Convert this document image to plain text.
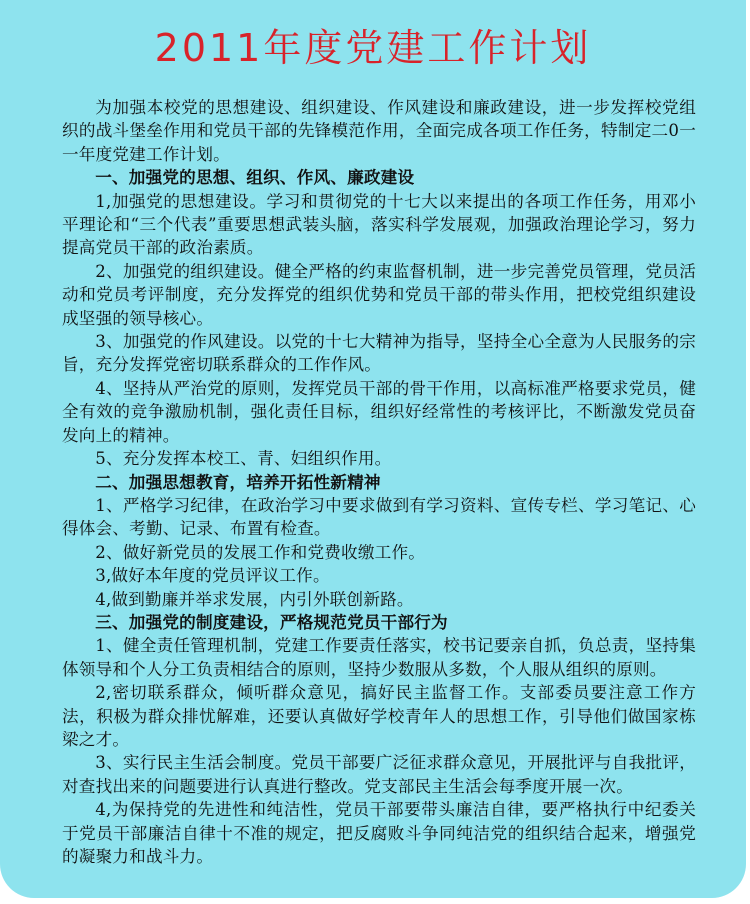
2011年度党建工作计划

为加强本校党的思想建设、组织建设、作风建设和廉政建设，进一步发挥校党组织的战斗堡垒作用和党员干部的先锋模范作用，全面完成各项工作任务，特制定二0一一年度党建工作计划。

一、加强党的思想、组织、作风、廉政建设

1,加强党的思想建设。学习和贯彻党的十七大以来提出的各项工作任务，用邓小平理论和“三个代表”重要思想武装头脑，落实科学发展观，加强政治理论学习，努力提高党员干部的政治素质。

2、加强党的组织建设。健全严格的约束监督机制，进一步完善党员管理，党员活动和党员考评制度，充分发挥党的组织优势和党员干部的带头作用，把校党组织建设成坚强的领导核心。

3、加强党的作风建设。以党的十七大精神为指导，坚持全心全意为人民服务的宗旨，充分发挥党密切联系群众的工作作风。

4、坚持从严治党的原则，发挥党员干部的骨干作用，以高标准严格要求党员，健全有效的竞争激励机制，强化责任目标，组织好经常性的考核评比，不断激发党员奋发向上的精神。

5、充分发挥本校工、青、妇组织作用。

二、加强思想教育，培养开拓性新精神

1、严格学习纪律，在政治学习中要求做到有学习资料、宣传专栏、学习笔记、心得体会、考勤、记录、布置有检查。

2、做好新党员的发展工作和党费收缴工作。

3,做好本年度的党员评议工作。

4,做到勤廉并举求发展，内引外联创新路。

三、加强党的制度建设，严格规范党员干部行为

1、健全责任管理机制，党建工作要责任落实，校书记要亲自抓，负总责，坚持集体领导和个人分工负责相结合的原则，坚持少数服从多数，个人服从组织的原则。

2,密切联系群众，倾听群众意见，搞好民主监督工作。支部委员要注意工作方法，积极为群众排忧解难，还要认真做好学校青年人的思想工作，引导他们做国家栋梁之才。

3、实行民主生活会制度。党员干部要广泛征求群众意见，开展批评与自我批评，对查找出来的问题要进行认真进行整改。党支部民主生活会每季度开展一次。

4,为保持党的先进性和纯洁性，党员干部要带头廉洁自律，要严格执行中纪委关于党员干部廉洁自律十不准的规定，把反腐败斗争同纯洁党的组织结合起来，增强党的凝聚力和战斗力。
